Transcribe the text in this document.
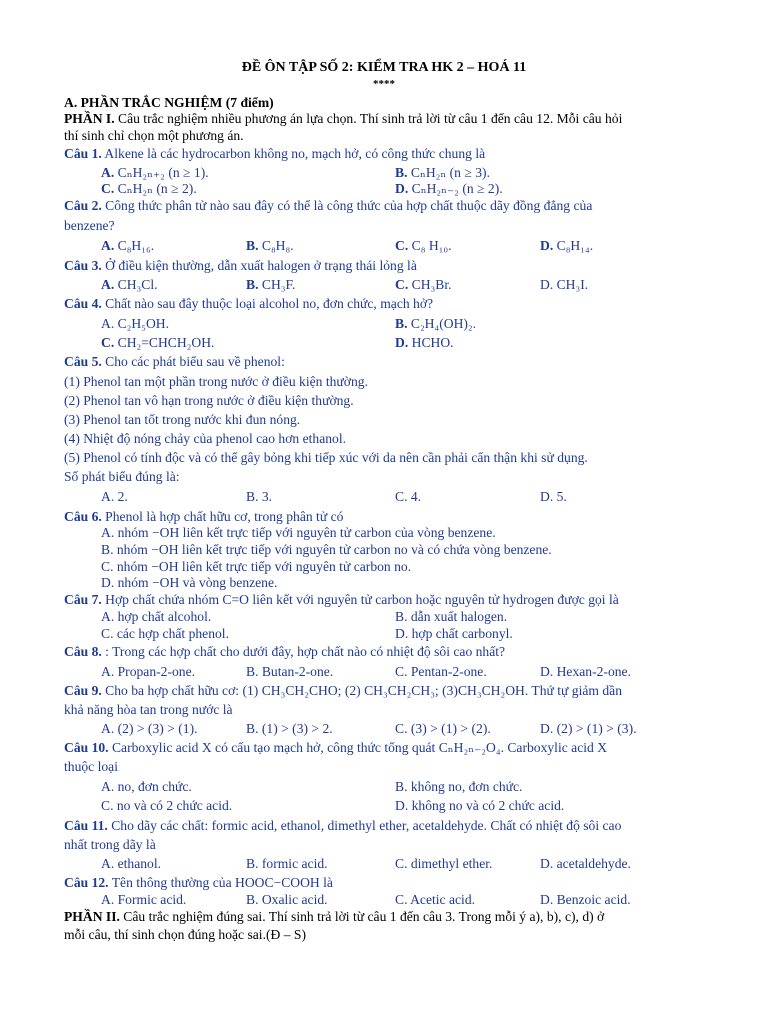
ĐỀ ÔN TẬP SỐ 2: KIỂM TRA HK 2 – HOÁ 11
****
A. PHẦN TRẮC NGHIỆM (7 điểm)
PHẦN I. Câu trắc nghiệm nhiều phương án lựa chọn. Thí sinh trả lời từ câu 1 đến câu 12. Mỗi câu hỏi
thí sinh chỉ chọn một phương án.
Câu 1. Alkene là các hydrocarbon không no, mạch hở, có công thức chung là
A. CₙH₂ₙ₊₂ (n ≥ 1).	B. CₙH₂ₙ (n ≥ 3).
C. CₙH₂ₙ (n ≥ 2).	D. CₙH₂ₙ₋₂ (n ≥ 2).
Câu 2. Công thức phân tử nào sau đây có thể là công thức của hợp chất thuộc dãy đồng đẳng của
benzene?
A. C₈H₁₆.	B. C₈H₈.	C. C₈ H₁₀.	D. C₈H₁₄.
Câu 3. Ở điều kiện thường, dẫn xuất halogen ở trạng thái lỏng là
A. CH₃Cl.	B. CH₃F.	C. CH₃Br.	D. CH₃I.
Câu 4. Chất nào sau đây thuộc loại alcohol no, đơn chức, mạch hở?
A. C₂H₅OH.	B. C₂H₄(OH)₂.
C. CH₂=CHCH₂OH.	D. HCHO.
Câu 5. Cho các phát biểu sau về phenol:
(1) Phenol tan một phần trong nước ở điều kiện thường.
(2) Phenol tan vô hạn trong nước ở điều kiện thường.
(3) Phenol tan tốt trong nước khi đun nóng.
(4) Nhiệt độ nóng chảy của phenol cao hơn ethanol.
(5) Phenol có tính độc và có thể gây bỏng khi tiếp xúc với da nên cần phải cẩn thận khi sử dụng.
Số phát biểu đúng là:
A. 2.	B. 3.	C. 4.	D. 5.
Câu 6. Phenol là hợp chất hữu cơ, trong phân tử có
A. nhóm −OH liên kết trực tiếp với nguyên tử carbon của vòng benzene.
B. nhóm −OH liên kết trực tiếp với nguyên tử carbon no và có chứa vòng benzene.
C. nhóm −OH liên kết trực tiếp với nguyên tử carbon no.
D. nhóm −OH và vòng benzene.
Câu 7. Hợp chất chứa nhóm C=O liên kết với nguyên tử carbon hoặc nguyên tử hydrogen được gọi là
A. hợp chất alcohol.	B. dẫn xuất halogen.
C. các hợp chất phenol.	D. hợp chất carbonyl.
Câu 8. : Trong các hợp chất cho dưới đây, hợp chất nào có nhiệt độ sôi cao nhất?
A. Propan-2-one.	B. Butan-2-one.	C. Pentan-2-one.	D. Hexan-2-one.
Câu 9. Cho ba hợp chất hữu cơ: (1) CH₃CH₂CHO; (2) CH₃CH₂CH₃; (3)CH₃CH₂OH. Thứ tự giảm dần
khả năng hòa tan trong nước là
A. (2) > (3) > (1).	B. (1) > (3) > 2.	C. (3) > (1) > (2).	D. (2) > (1) > (3).
Câu 10. Carboxylic acid X có cấu tạo mạch hở, công thức tổng quát CₙH₂ₙ₋₂O₄. Carboxylic acid X
thuộc loại
A. no, đơn chức.	B. không no, đơn chức.
C. no và có 2 chức acid.	D. không no và có 2 chức acid.
Câu 11. Cho dãy các chất: formic acid, ethanol, dimethyl ether, acetaldehyde. Chất có nhiệt độ sôi cao
nhất trong dãy là
A. ethanol.	B. formic acid.	C. dimethyl ether.	D. acetaldehyde.
Câu 12. Tên thông thường của HOOC−COOH là
A. Formic acid.	B. Oxalic acid.	C. Acetic acid.	D. Benzoic acid.
PHẦN II. Câu trắc nghiệm đúng sai. Thí sinh trả lời từ câu 1 đến câu 3. Trong mỗi ý a), b), c), d) ở
mỗi câu, thí sinh chọn đúng hoặc sai.(Đ – S)
